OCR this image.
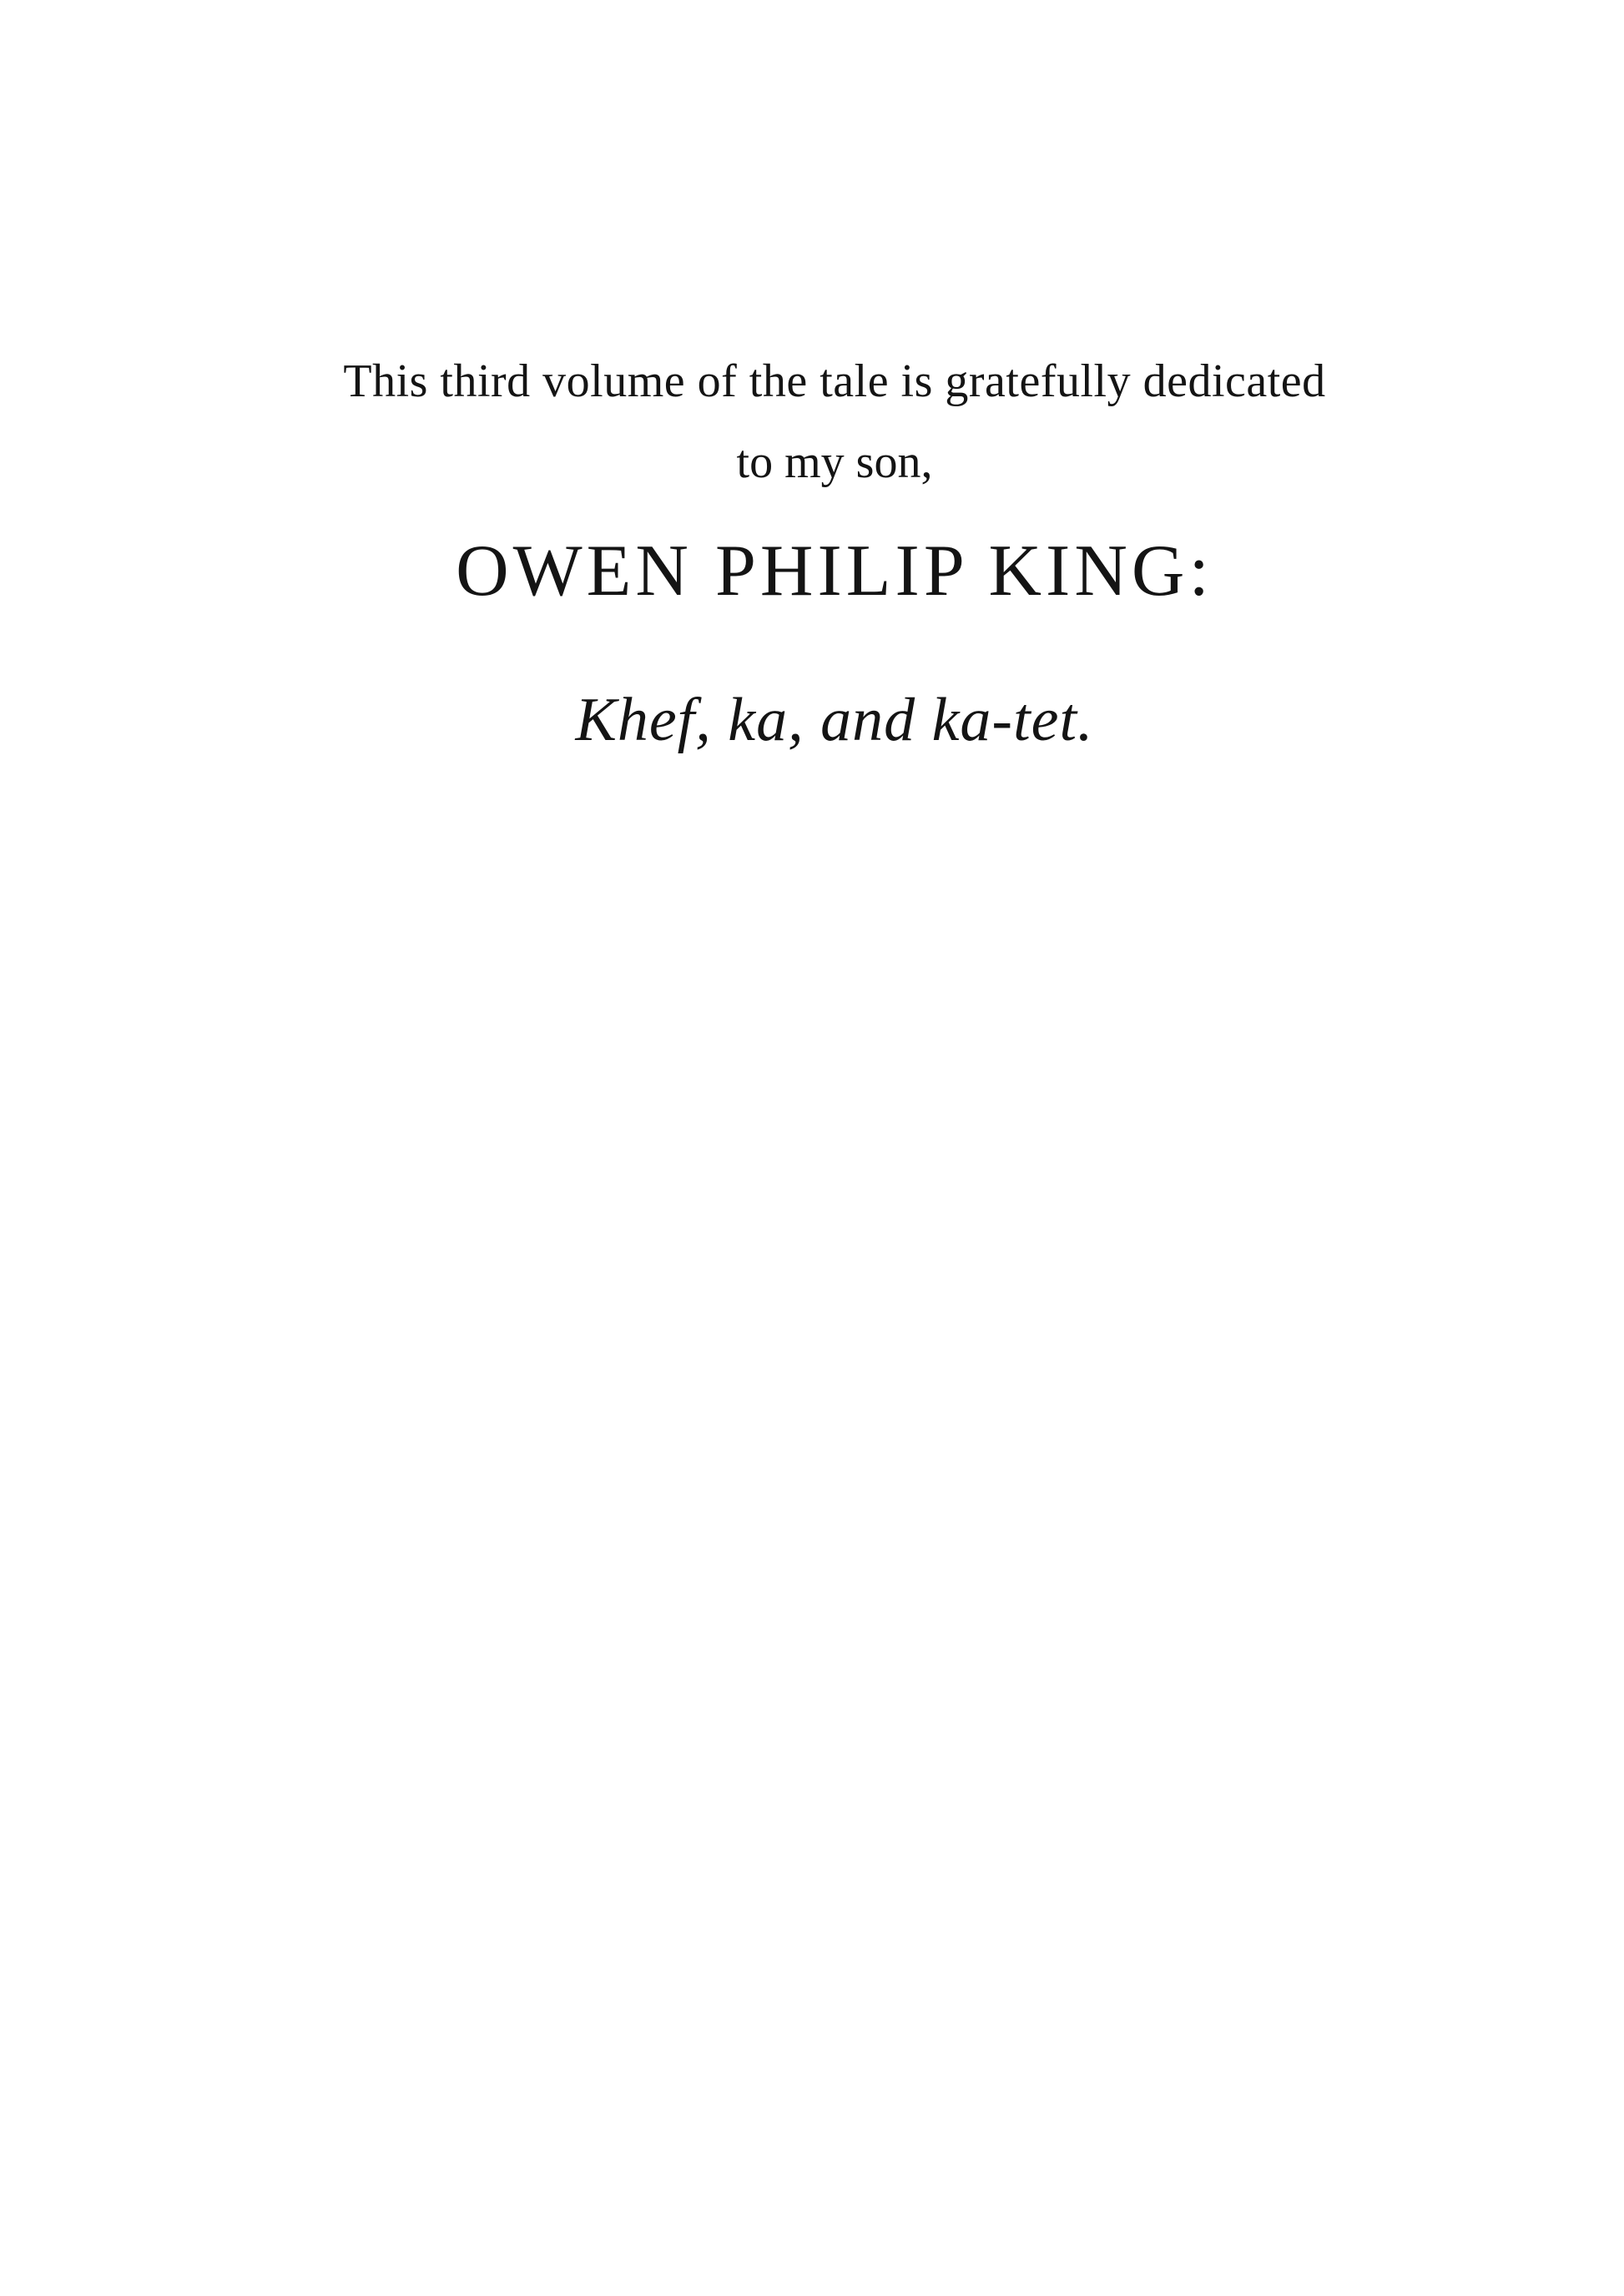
This third volume of the tale is gratefully dedicated
to my son,
OWEN PHILIP KING:
Khef, ka, and ka-tet.
